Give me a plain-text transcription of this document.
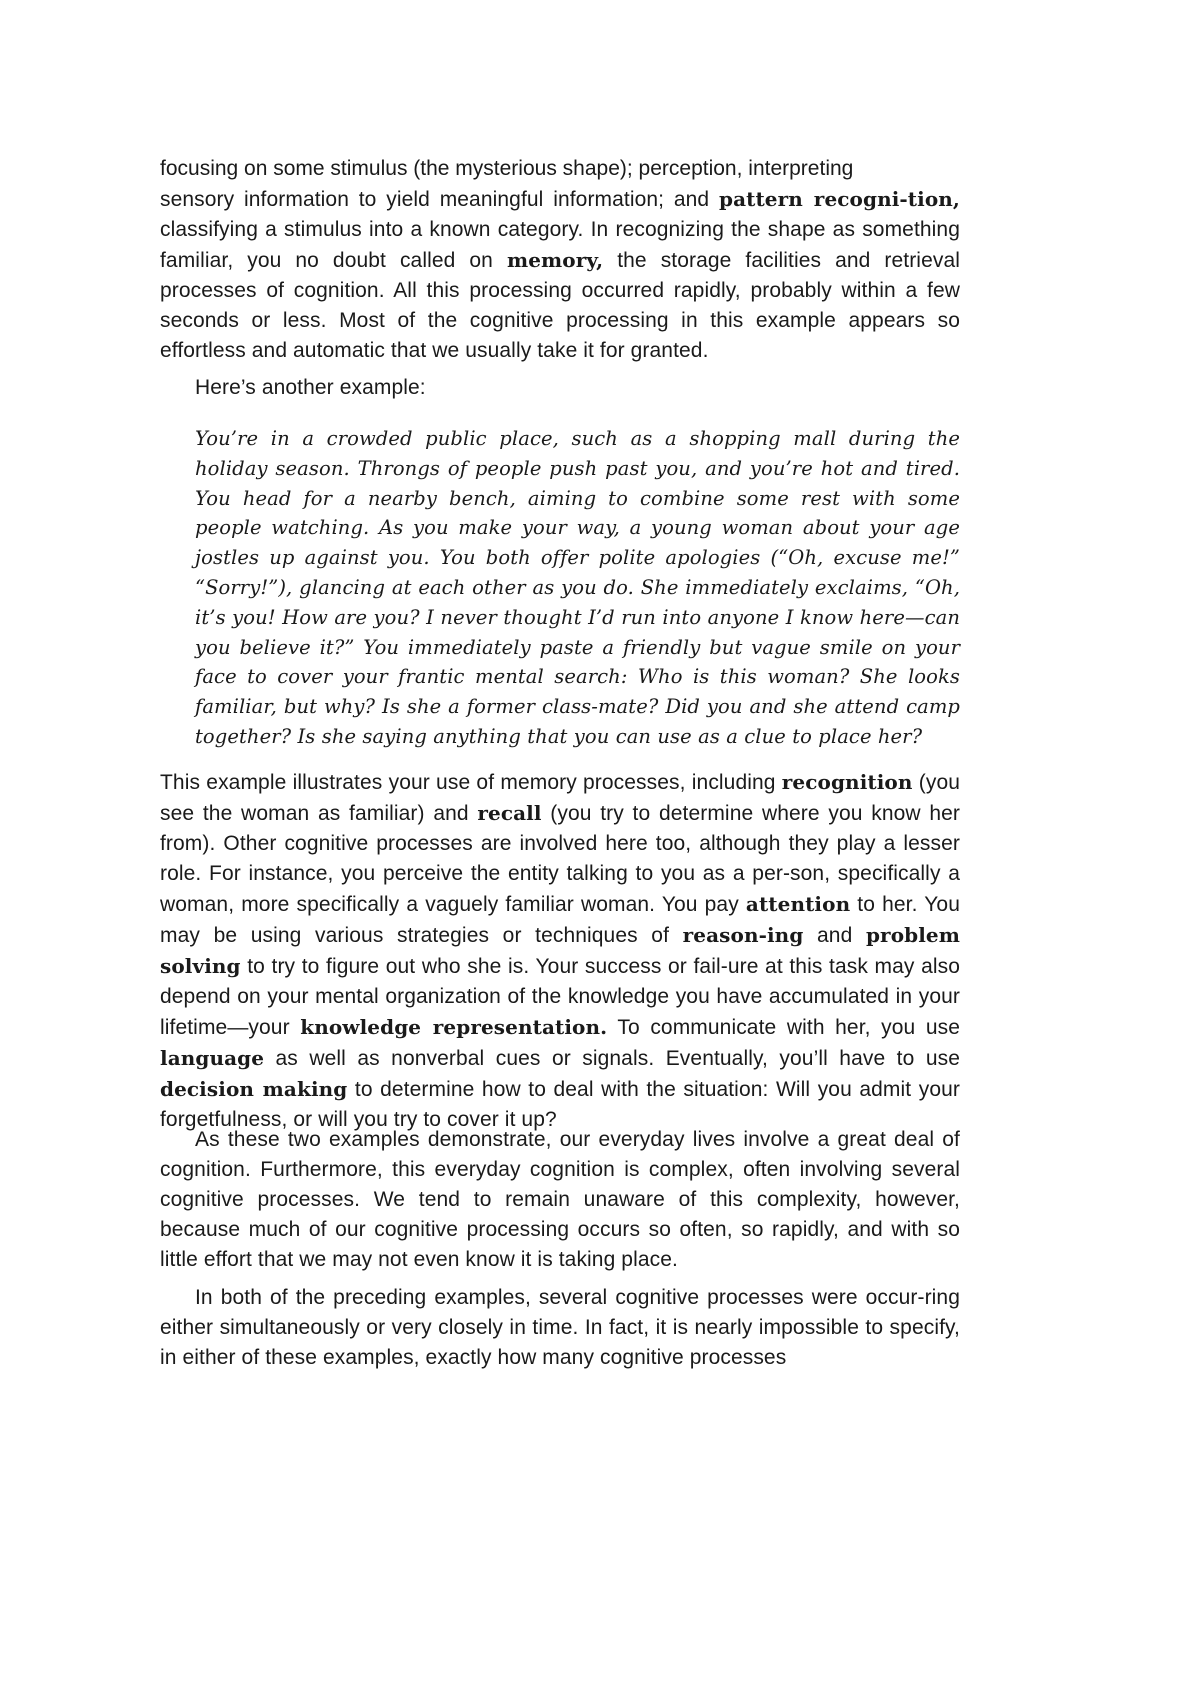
focusing on some stimulus (the mysterious shape); perception, interpreting

sensory information to yield meaningful information; and pattern recogni-tion, classifying a stimulus into a known category. In recognizing the shape as something familiar, you no doubt called on memory, the storage facilities and retrieval processes of cognition. All this processing occurred rapidly, probably within a few seconds or less. Most of the cognitive processing in this example appears so effortless and automatic that we usually take it for granted.

Here’s another example:

You’re in a crowded public place, such as a shopping mall during the holiday season. Throngs of people push past you, and you’re hot and tired. You head for a nearby bench, aiming to combine some rest with some people watching. As you make your way, a young woman about your age jostles up against you. You both offer polite apologies (“Oh, excuse me!” “Sorry!”), glancing at each other as you do. She immediately exclaims, “Oh, it’s you! How are you? I never thought I’d run into anyone I know here—can you believe it?” You immediately paste a friendly but vague smile on your face to cover your frantic mental search: Who is this woman? She looks familiar, but why? Is she a former class-mate? Did you and she attend camp together? Is she saying anything that you can use as a clue to place her?

This example illustrates your use of memory processes, including recognition (you see the woman as familiar) and recall (you try to determine where you know her from). Other cognitive processes are involved here too, although they play a lesser role. For instance, you perceive the entity talking to you as a per-son, specifically a woman, more specifically a vaguely familiar woman. You pay attention to her. You may be using various strategies or techniques of reason-ing and problem solving to try to figure out who she is. Your success or fail-ure at this task may also depend on your mental organization of the knowledge you have accumulated in your lifetime—your knowledge representation. To communicate with her, you use language as well as nonverbal cues or signals. Eventually, you’ll have to use decision making to determine how to deal with the situation: Will you admit your forgetfulness, or will you try to cover it up?

As these two examples demonstrate, our everyday lives involve a great deal of cognition. Furthermore, this everyday cognition is complex, often involving several cognitive processes. We tend to remain unaware of this complexity, however, because much of our cognitive processing occurs so often, so rapidly, and with so little effort that we may not even know it is taking place.

In both of the preceding examples, several cognitive processes were occur-ring either simultaneously or very closely in time. In fact, it is nearly impossible to specify, in either of these examples, exactly how many cognitive processes
